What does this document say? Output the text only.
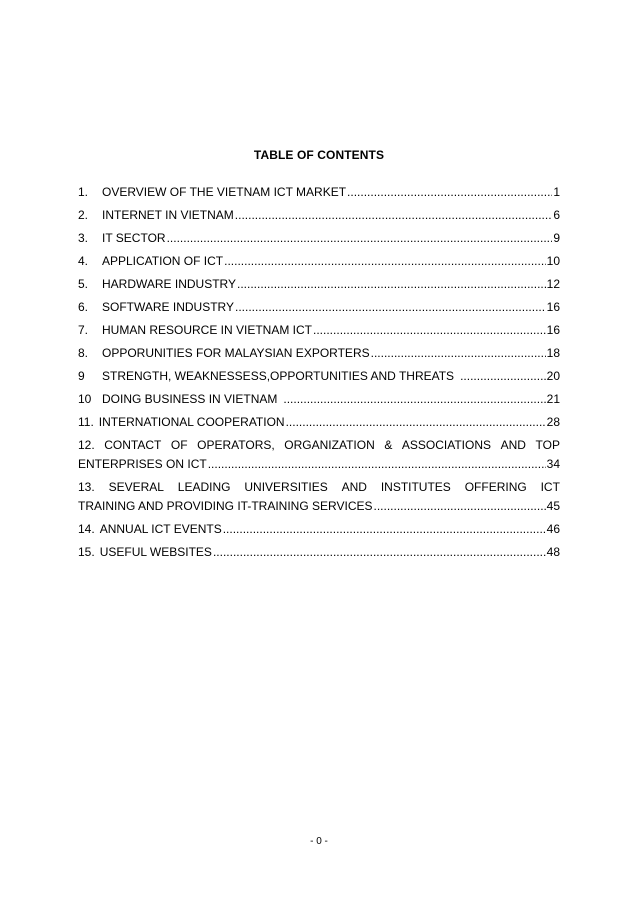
TABLE OF CONTENTS
1.	OVERVIEW OF THE VIETNAM ICT MARKET .....	1
2.	INTERNET IN VIETNAM .....	6
3.	IT SECTOR .....	9
4.	APPLICATION OF ICT .....	10
5.	HARDWARE INDUSTRY .....	12
6.	SOFTWARE INDUSTRY .....	16
7.	HUMAN RESOURCE IN VIETNAM ICT .....	16
8.	OPPORUNITIES FOR MALAYSIAN EXPORTERS .....	18
9	STRENGTH, WEAKNESSESS,OPPORTUNITIES AND THREATS .....	20
10 DOING BUSINESS IN VIETNAM .....	21
11. INTERNATIONAL COOPERATION .....	28
12. CONTACT OF OPERATORS, ORGANIZATION & ASSOCIATIONS AND TOP
ENTERPRISES ON ICT .....	34
13. SEVERAL LEADING UNIVERSITIES AND INSTITUTES OFFERING ICT
TRAINING AND PROVIDING IT-TRAINING SERVICES .....	45
14. ANNUAL ICT EVENTS .....	46
15. USEFUL WEBSITES .....	48
- 0 -
